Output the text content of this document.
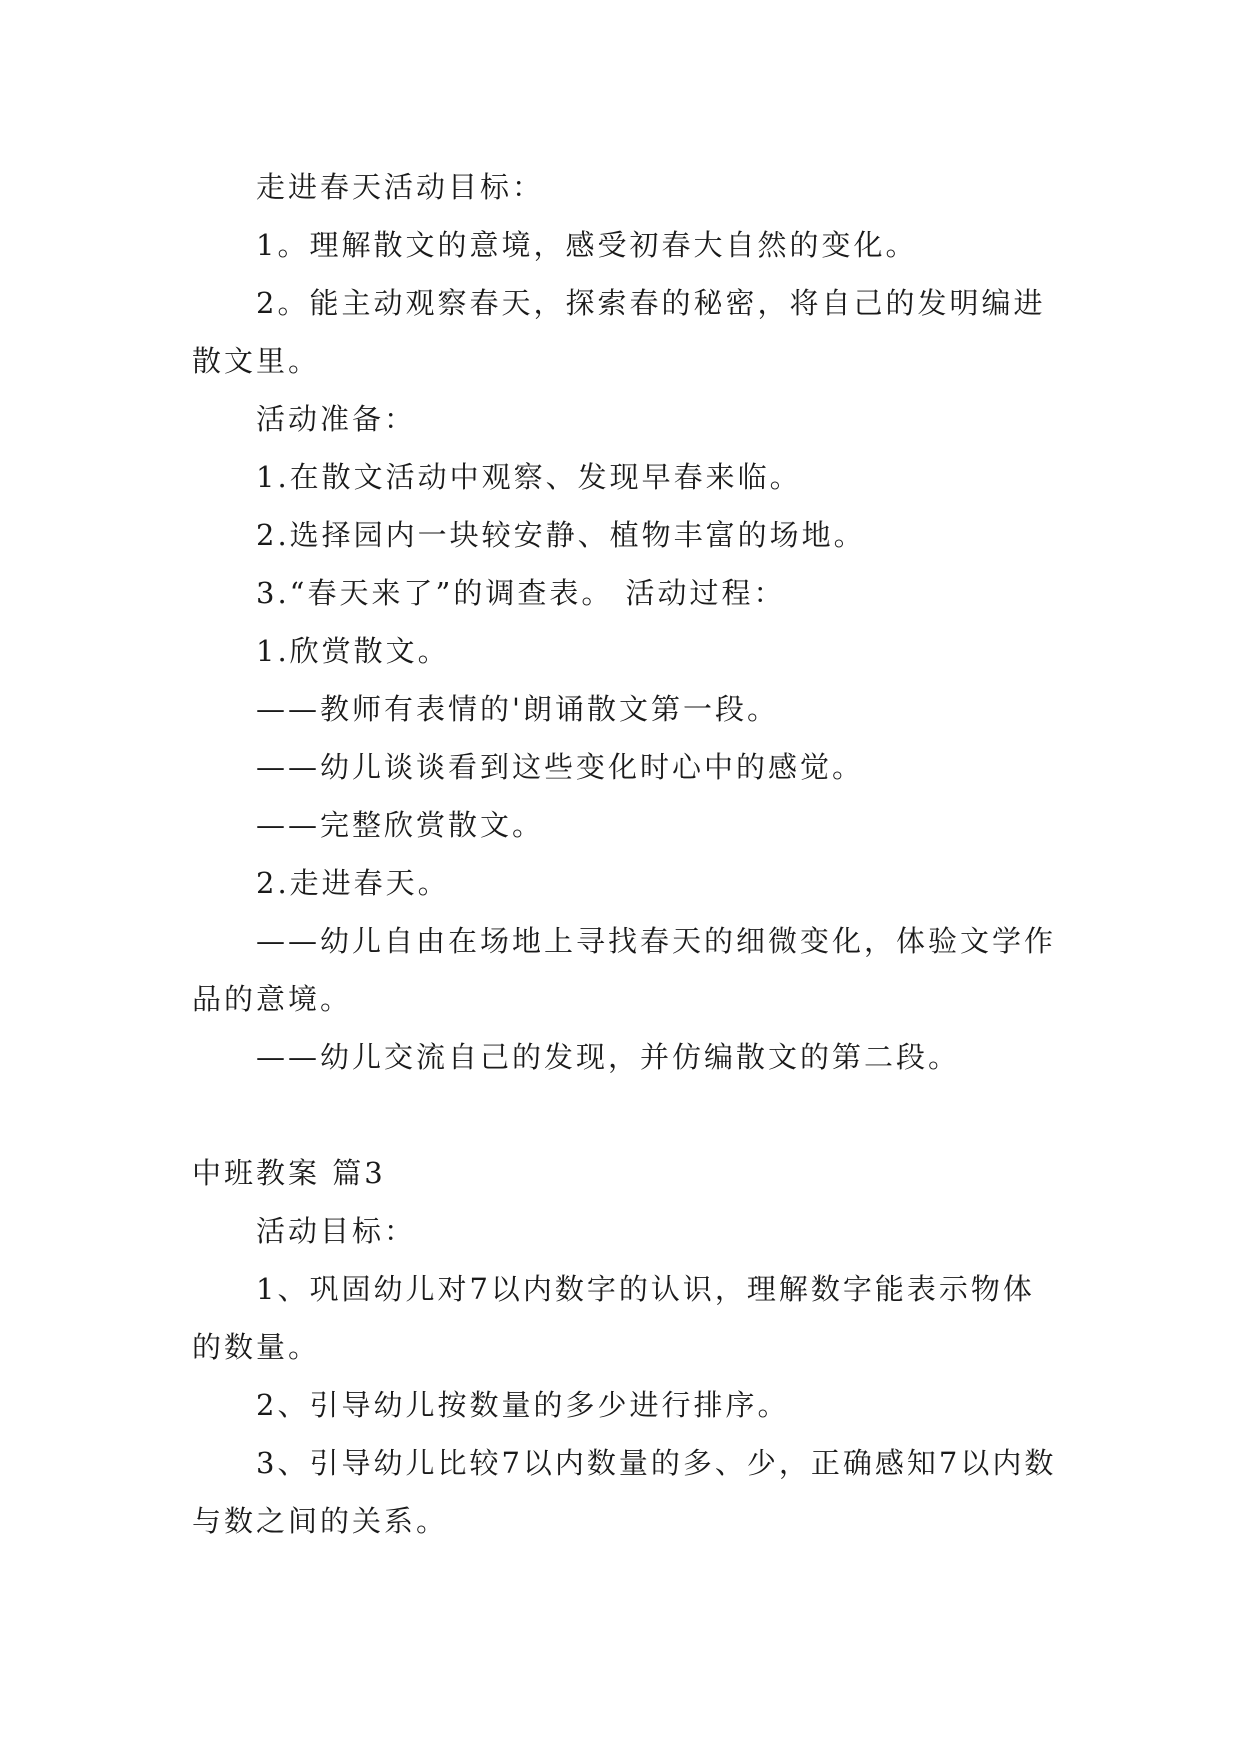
走进春天活动目标：

1。理解散文的意境，感受初春大自然的变化。

2。能主动观察春天，探索春的秘密，将自己的发明编进散文里。

活动准备：

1.在散文活动中观察、发现早春来临。

2.选择园内一块较安静、植物丰富的场地。

3.“春天来了”的调查表。 活动过程：

1.欣赏散文。

——教师有表情的'朗诵散文第一段。

——幼儿谈谈看到这些变化时心中的感觉。

——完整欣赏散文。

2.走进春天。

——幼儿自由在场地上寻找春天的细微变化，体验文学作品的意境。

——幼儿交流自己的发现，并仿编散文的第二段。

中班教案 篇3

活动目标：

1、巩固幼儿对7以内数字的认识，理解数字能表示物体的数量。

2、引导幼儿按数量的多少进行排序。

3、引导幼儿比较7以内数量的多、少，正确感知7以内数与数之间的关系。
